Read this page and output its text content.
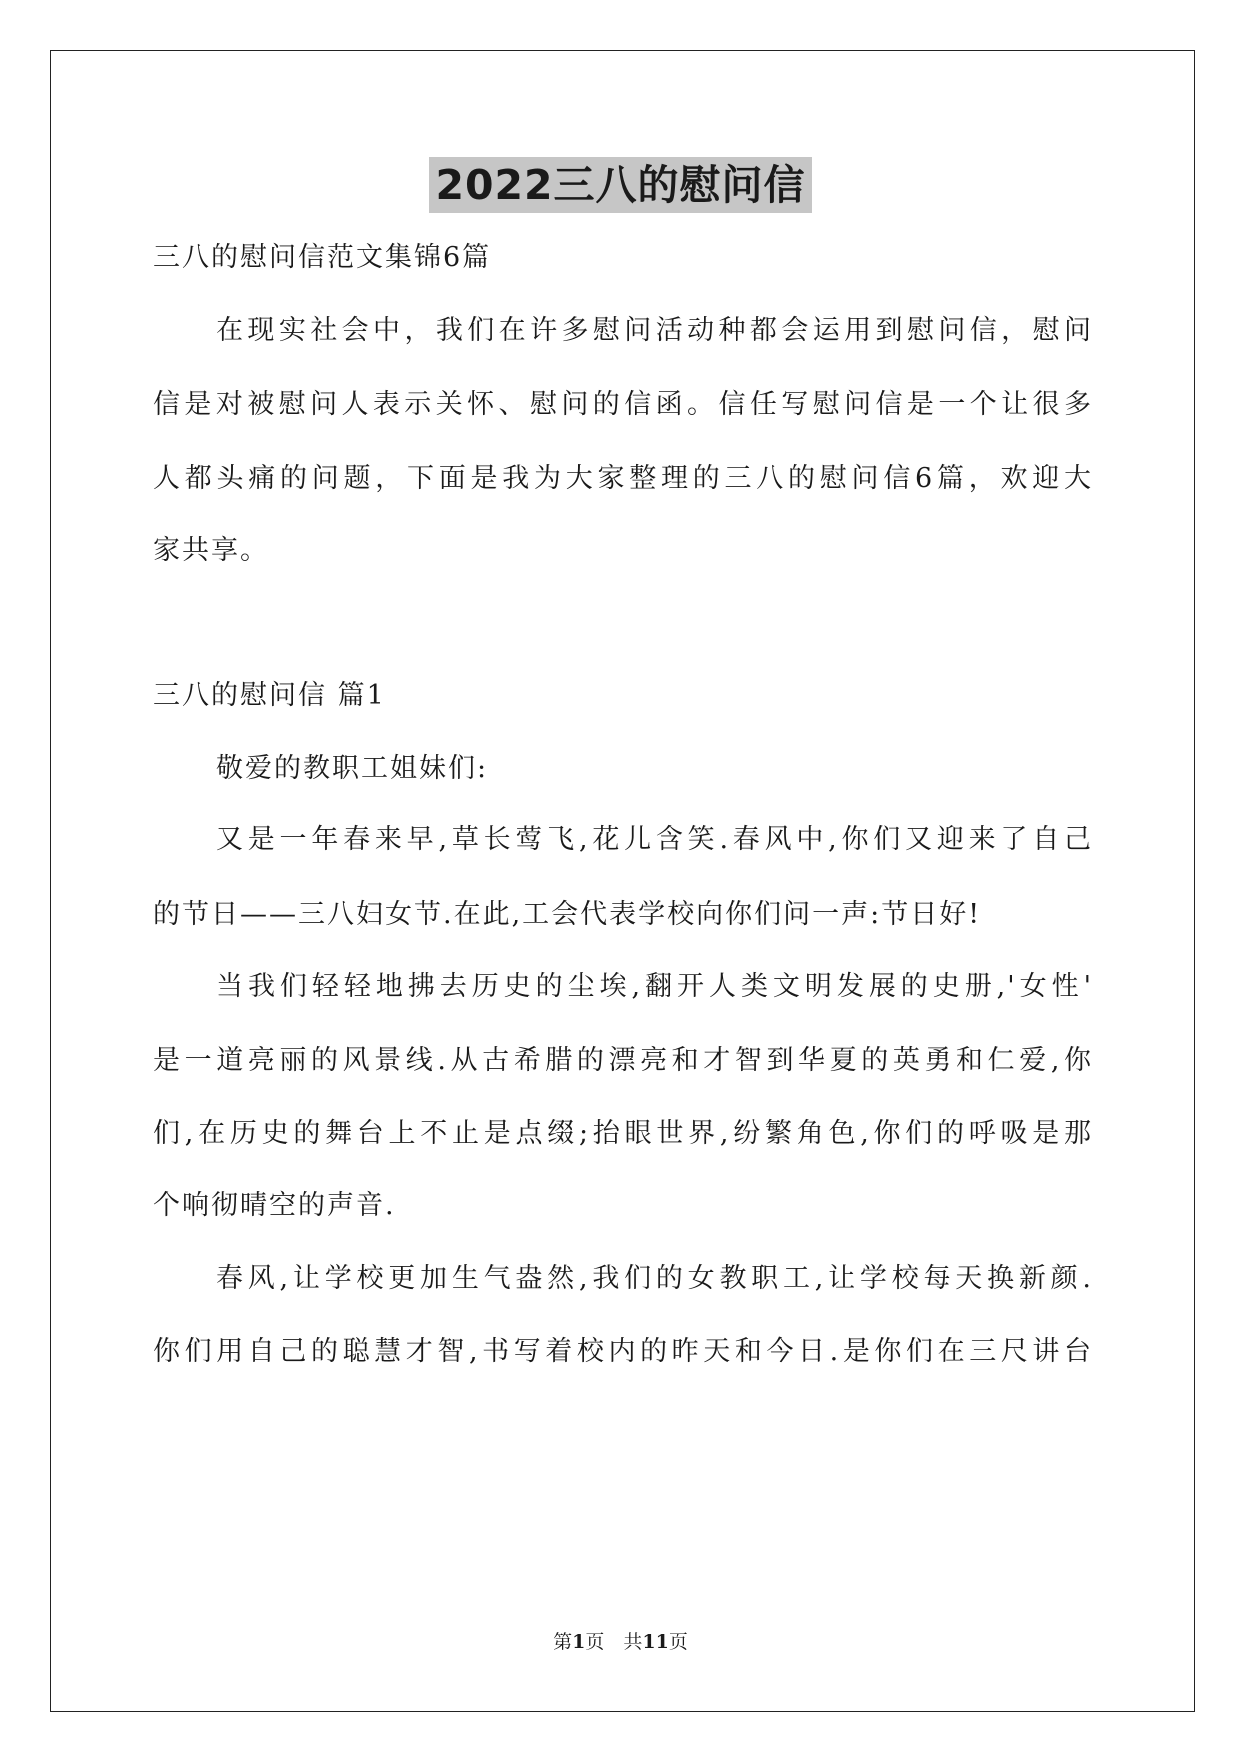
2022三八的慰问信

三八的慰问信范文集锦6篇

在现实社会中，我们在许多慰问活动种都会运用到慰问信，慰问

信是对被慰问人表示关怀、慰问的信函。信任写慰问信是一个让很多

人都头痛的问题，下面是我为大家整理的三八的慰问信6篇，欢迎大

家共享。

三八的慰问信 篇1

敬爱的教职工姐妹们:

又是一年春来早,草长莺飞,花儿含笑.春风中,你们又迎来了自己

的节日——三八妇女节.在此,工会代表学校向你们问一声:节日好!

当我们轻轻地拂去历史的尘埃,翻开人类文明发展的史册,'女性'

是一道亮丽的风景线.从古希腊的漂亮和才智到华夏的英勇和仁爱,你

们,在历史的舞台上不止是点缀;抬眼世界,纷繁角色,你们的呼吸是那

个响彻晴空的声音.

春风,让学校更加生气盎然,我们的女教职工,让学校每天换新颜.

你们用自己的聪慧才智,书写着校内的昨天和今日.是你们在三尺讲台

第1页　共11页
